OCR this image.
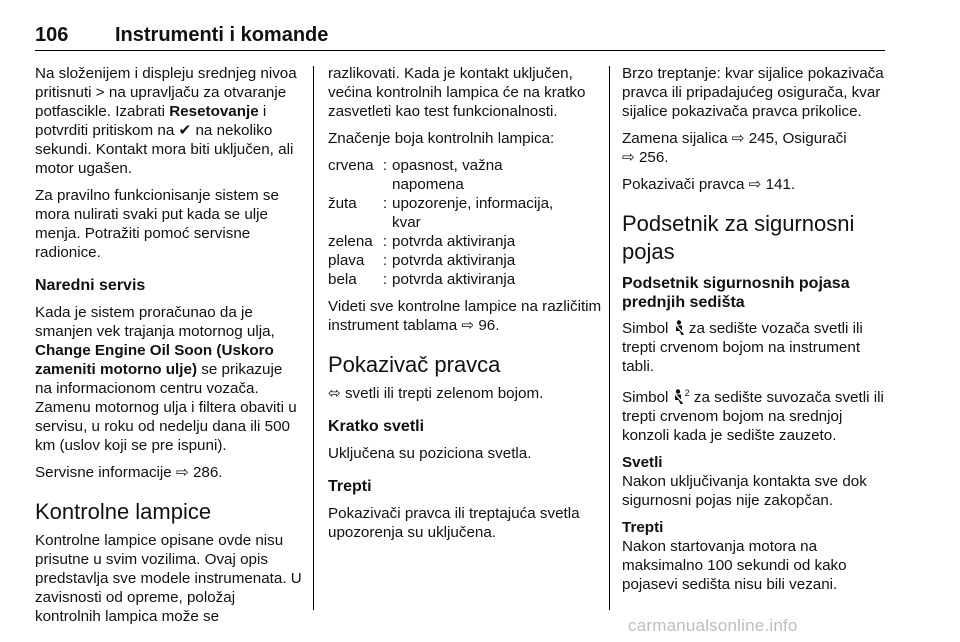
106 Instrumenti i komande

Na složenijem i displeju srednjeg nivoa pritisnuti > na upravljaču za otvaranje potfascikle. Izabrati Resetovanje i potvrditi pritiskom na ✔ na nekoliko sekundi. Kontakt mora biti uključen, ali motor ugašen.

Za pravilno funkcionisanje sistem se mora nulirati svaki put kada se ulje menja. Potražiti pomoć servisne radionice.

Naredni servis

Kada je sistem proračunao da je smanjen vek trajanja motornog ulja, Change Engine Oil Soon (Uskoro zameniti motorno ulje) se prikazuje na informacionom centru vozača. Zamenu motornog ulja i filtera obaviti u servisu, u roku od nedelju dana ili 500 km (uslov koji se pre ispuni).

Servisne informacije ⇨ 286.

Kontrolne lampice

Kontrolne lampice opisane ovde nisu prisutne u svim vozilima. Ovaj opis predstavlja sve modele instrumenata. U zavisnosti od opreme, položaj kontrolnih lampica može se

razlikovati. Kada je kontakt uključen, većina kontrolnih lampica će na kratko zasvetleti kao test funkcionalnosti.

Značenje boja kontrolnih lampica:

crvena	:	opasnost, važna napomena
žuta	:	upozorenje, informacija, kvar
zelena	:	potvrda aktiviranja
plava	:	potvrda aktiviranja
bela	:	potvrda aktiviranja

Videti sve kontrolne lampice na različitim instrument tablama ⇨ 96.

Pokazivač pravca

⬄ svetli ili trepti zelenom bojom.

Kratko svetli

Uključena su poziciona svetla.

Trepti

Pokazivači pravca ili treptajuća svetla upozorenja su uključena.

Brzo treptanje: kvar sijalice pokazivača pravca ili pripadajućeg osigurača, kvar sijalice pokazivača pravca prikolice.

Zamena sijalica ⇨ 245, Osigurači
⇨ 256.

Pokazivači pravca ⇨ 141.

Podsetnik za sigurnosni pojas
Podsetnik sigurnosnih pojasa prednjih sedišta

Simbol  za sedište vozača svetli ili trepti crvenom bojom na instrument tabli.

Simbol $^2$ za sedište suvozača svetli ili trepti crvenom bojom na srednjoj konzoli kada je sedište zauzeto.

Svetli

Nakon uključivanja kontakta sve dok sigurnosni pojas nije zakopčan.

Trepti

Nakon startovanja motora na maksimalno 100 sekundi od kako pojasevi sedišta nisu bili vezani.

carmanualsonline.info
